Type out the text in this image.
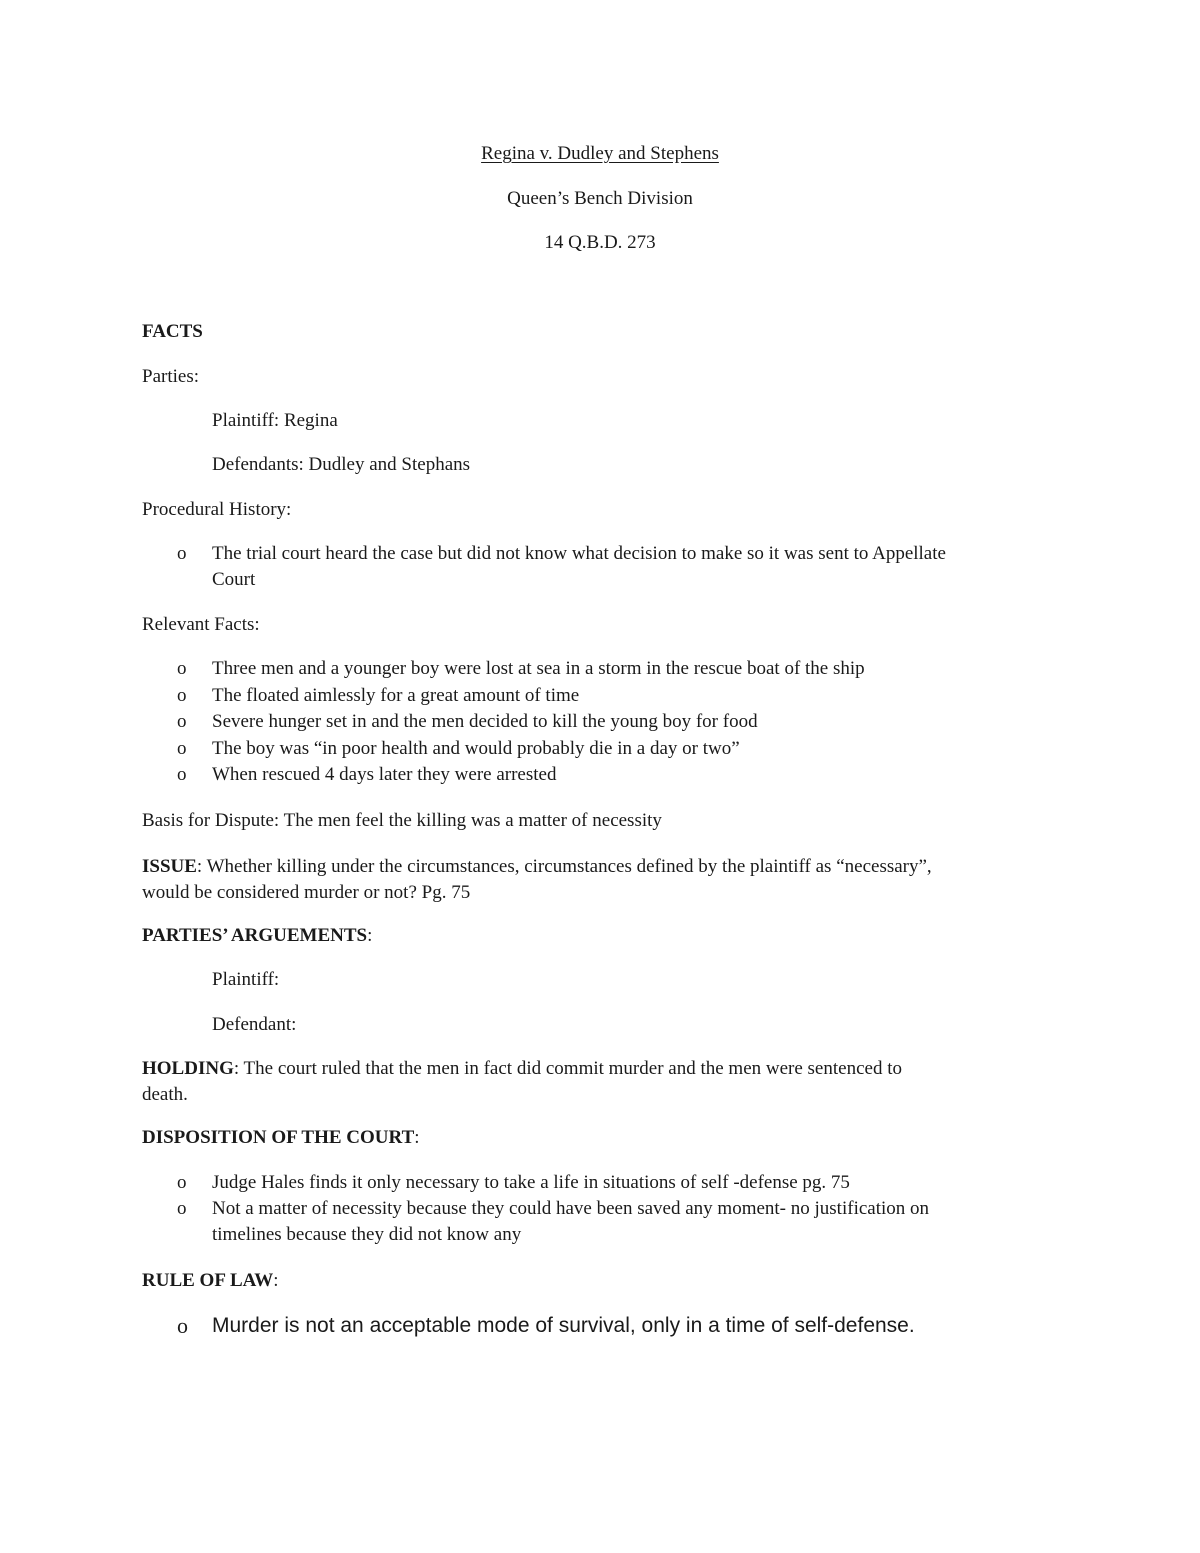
Regina v. Dudley and Stephens
Queen’s Bench Division
14 Q.B.D. 273
FACTS
Parties:
Plaintiff: Regina
Defendants: Dudley and Stephans
Procedural History:
o The trial court heard the case but did not know what decision to make so it was sent to Appellate
Court
Relevant Facts:
o Three men and a younger boy were lost at sea in a storm in the rescue boat of the ship
o The floated aimlessly for a great amount of time
o Severe hunger set in and the men decided to kill the young boy for food
o The boy was “in poor health and would probably die in a day or two”
o When rescued 4 days later they were arrested
Basis for Dispute: The men feel the killing was a matter of necessity
ISSUE: Whether killing under the circumstances, circumstances defined by the plaintiff as “necessary”,
would be considered murder or not? Pg. 75
PARTIES’ ARGUEMENTS:
Plaintiff:
Defendant:
HOLDING: The court ruled that the men in fact did commit murder and the men were sentenced to
death.
DISPOSITION OF THE COURT:
o Judge Hales finds it only necessary to take a life in situations of self -defense pg. 75
o Not a matter of necessity because they could have been saved any moment- no justification on
timelines because they did not know any
RULE OF LAW:
o Murder is not an acceptable mode of survival, only in a time of self-defense.
